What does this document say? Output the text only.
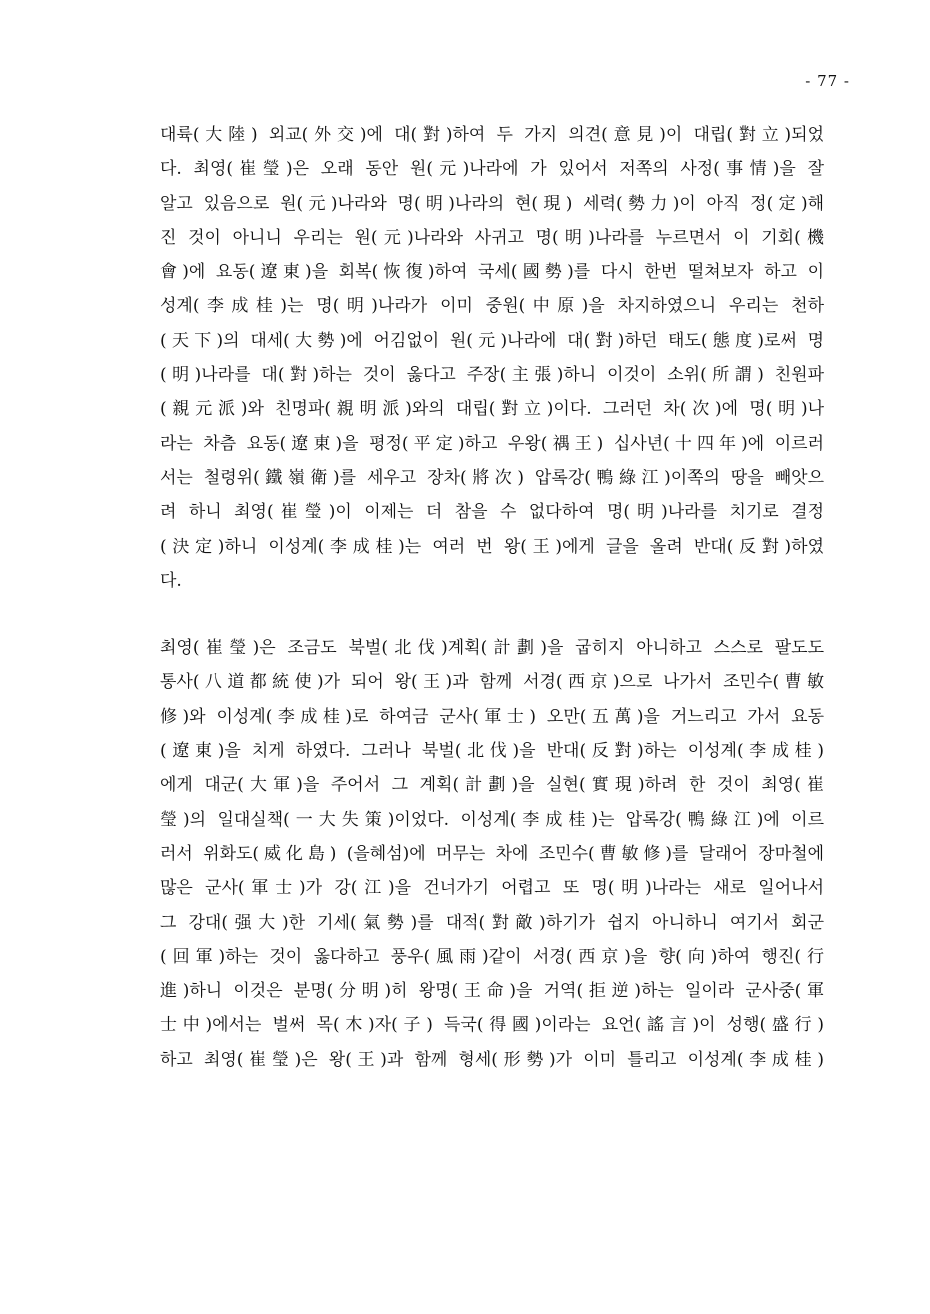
- 77 -
대륙(大陸) 외교(外交)에 대(對)하여 두 가지 의견(意見)이 대립(對立)되었
다. 최영(崔瑩)은 오래 동안 원(元)나라에 가 있어서 저쪽의 사정(事情)을 잘
알고 있음으로 원(元)나라와 명(明)나라의 현(現) 세력(勢力)이 아직 정(定)해
진 것이 아니니 우리는 원(元)나라와 사귀고 명(明)나라를 누르면서 이 기회(機
會)에 요동(遼東)을 회복(恢復)하여 국세(國勢)를 다시 한번 떨쳐보자 하고 이
성계(李成桂)는 명(明)나라가 이미 중원(中原)을 차지하였으니 우리는 천하
(天下)의 대세(大勢)에 어김없이 원(元)나라에 대(對)하던 태도(態度)로써 명
(明)나라를 대(對)하는 것이 옳다고 주장(主張)하니 이것이 소위(所謂) 친원파
(親元派)와 친명파(親明派)와의 대립(對立)이다. 그러던 차(次)에 명(明)나
라는 차츰 요동(遼東)을 평정(平定)하고 우왕(禑王) 십사년(十四年)에 이르러
서는 철령위(鐵嶺衛)를 세우고 장차(將次) 압록강(鴨綠江)이쪽의 땅을 빼앗으
려 하니 최영(崔瑩)이 이제는 더 참을 수 없다하여 명(明)나라를 치기로 결정
(決定)하니 이성계(李成桂)는 여러 번 왕(王)에게 글을 올려 반대(反對)하였
다.
최영(崔瑩)은 조금도 북벌(北伐)계획(計劃)을 굽히지 아니하고 스스로 팔도도
통사(八道都統使)가 되어 왕(王)과 함께 서경(西京)으로 나가서 조민수(曹敏
修)와 이성계(李成桂)로 하여금 군사(軍士) 오만(五萬)을 거느리고 가서 요동
(遼東)을 치게 하였다. 그러나 북벌(北伐)을 반대(反對)하는 이성계(李成桂)
에게 대군(大軍)을 주어서 그 계획(計劃)을 실현(實現)하려 한 것이 최영(崔
瑩)의 일대실책(一大失策)이었다. 이성계(李成桂)는 압록강(鴨綠江)에 이르
러서 위화도(威化島) (을혜섬)에 머무는 차에 조민수(曹敏修)를 달래어 장마철에
많은 군사(軍士)가 강(江)을 건너가기 어렵고 또 명(明)나라는 새로 일어나서
그 강대(强大)한 기세(氣勢)를 대적(對敵)하기가 쉽지 아니하니 여기서 회군
(回軍)하는 것이 옳다하고 풍우(風雨)같이 서경(西京)을 향(向)하여 행진(行
進)하니 이것은 분명(分明)히 왕명(王命)을 거역(拒逆)하는 일이라 군사중(軍
士中)에서는 벌써 목(木)자(子) 득국(得國)이라는 요언(謠言)이 성행(盛行)
하고 최영(崔瑩)은 왕(王)과 함께 형세(形勢)가 이미 틀리고 이성계(李成桂)
